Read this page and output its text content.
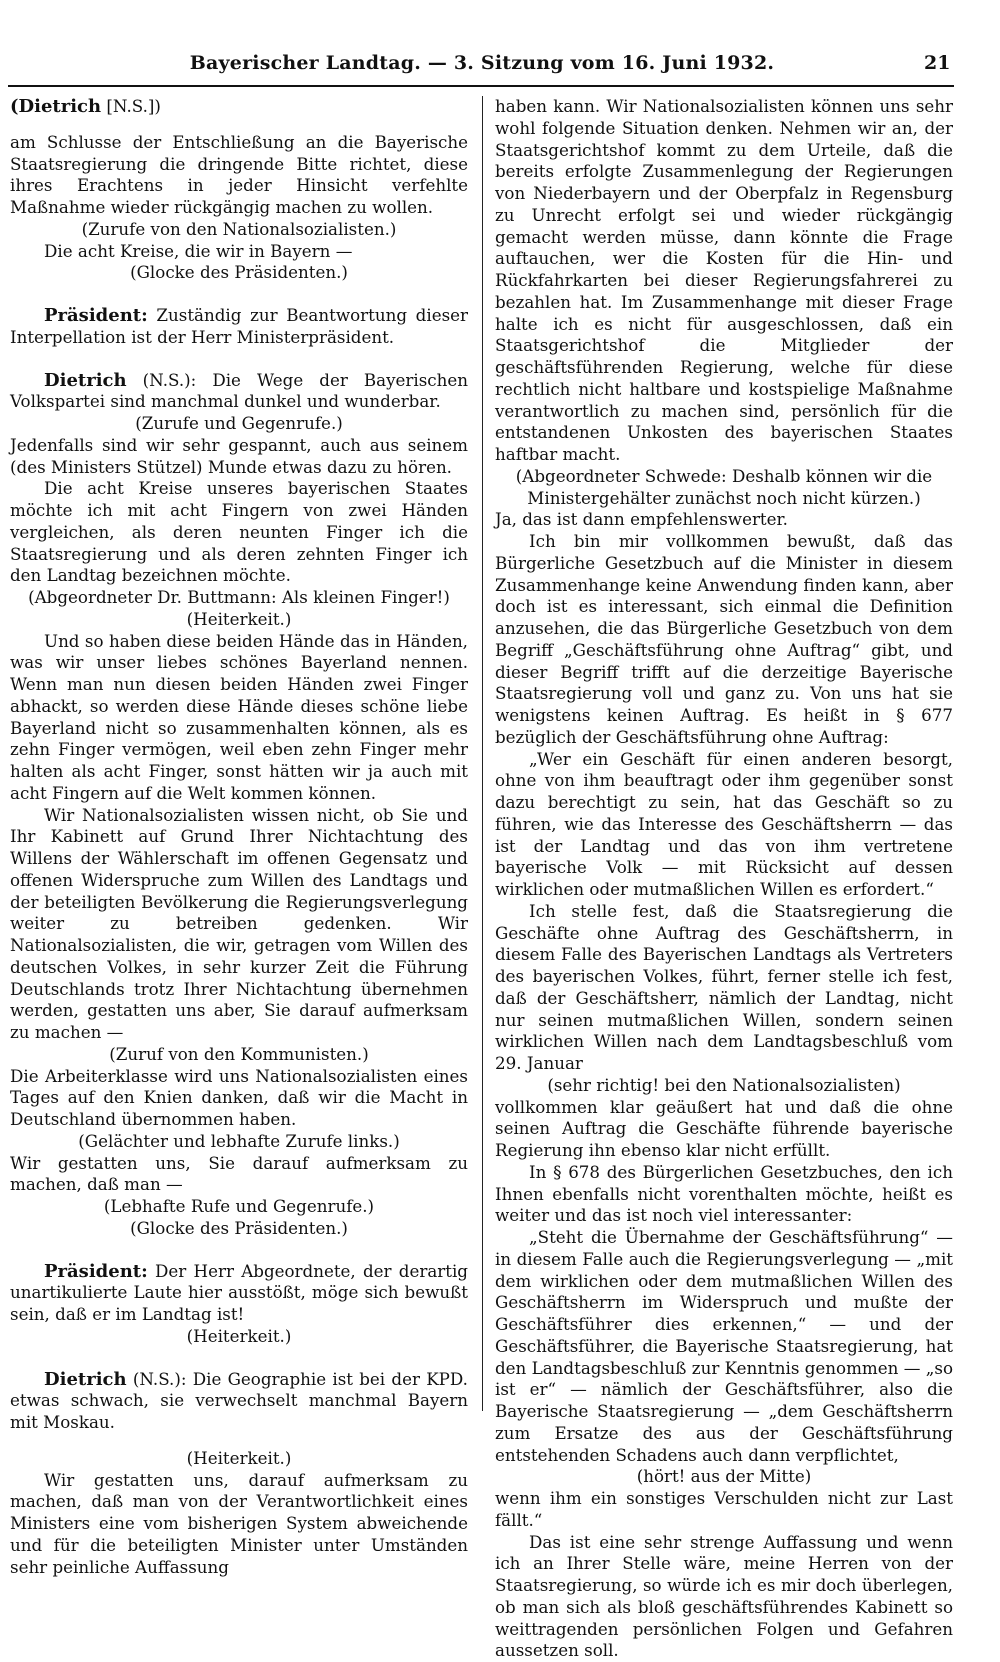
Bayerischer Landtag. — 3. Sitzung vom 16. Juni 1932.	21

(Dietrich [N.S.])

am Schlusse der Entschließung an die Bayerische Staatsregierung die dringende Bitte richtet, diese ihres Erachtens in jeder Hinsicht verfehlte Maßnahme wieder rückgängig machen zu wollen.

(Zurufe von den Nationalsozialisten.)

Die acht Kreise, die wir in Bayern —

(Glocke des Präsidenten.)

Präsident: Zuständig zur Beantwortung dieser Interpellation ist der Herr Ministerpräsident.

Dietrich (N.S.): Die Wege der Bayerischen Volkspartei sind manchmal dunkel und wunderbar.

(Zurufe und Gegenrufe.)

Jedenfalls sind wir sehr gespannt, auch aus seinem (des Ministers Stützel) Munde etwas dazu zu hören.

Die acht Kreise unseres bayerischen Staates möchte ich mit acht Fingern von zwei Händen vergleichen, als deren neunten Finger ich die Staatsregierung und als deren zehnten Finger ich den Landtag bezeichnen möchte.

(Abgeordneter Dr. Buttmann: Als kleinen Finger!)

(Heiterkeit.)

Und so haben diese beiden Hände das in Händen, was wir unser liebes schönes Bayerland nennen. Wenn man nun diesen beiden Händen zwei Finger abhackt, so werden diese Hände dieses schöne liebe Bayerland nicht so zusammenhalten können, als es zehn Finger vermögen, weil eben zehn Finger mehr halten als acht Finger, sonst hätten wir ja auch mit acht Fingern auf die Welt kommen können.

Wir Nationalsozialisten wissen nicht, ob Sie und Ihr Kabinett auf Grund Ihrer Nichtachtung des Willens der Wählerschaft im offenen Gegensatz und offenen Widerspruche zum Willen des Landtags und der beteiligten Bevölkerung die Regierungsverlegung weiter zu betreiben gedenken. Wir Nationalsozialisten, die wir, getragen vom Willen des deutschen Volkes, in sehr kurzer Zeit die Führung Deutschlands trotz Ihrer Nichtachtung übernehmen werden, gestatten uns aber, Sie darauf aufmerksam zu machen —

(Zuruf von den Kommunisten.)

Die Arbeiterklasse wird uns Nationalsozialisten eines Tages auf den Knien danken, daß wir die Macht in Deutschland übernommen haben.

(Gelächter und lebhafte Zurufe links.)

Wir gestatten uns, Sie darauf aufmerksam zu machen, daß man —

(Lebhafte Rufe und Gegenrufe.)

(Glocke des Präsidenten.)

Präsident: Der Herr Abgeordnete, der derartig unartikulierte Laute hier ausstößt, möge sich bewußt sein, daß er im Landtag ist!

(Heiterkeit.)

Dietrich (N.S.): Die Geographie ist bei der KPD. etwas schwach, sie verwechselt manchmal Bayern mit Moskau.

(Heiterkeit.)

Wir gestatten uns, darauf aufmerksam zu machen, daß man von der Verantwortlichkeit eines Ministers eine vom bisherigen System abweichende und für die beteiligten Minister unter Umständen sehr peinliche Auffassung

haben kann. Wir Nationalsozialisten können uns sehr wohl folgende Situation denken. Nehmen wir an, der Staatsgerichtshof kommt zu dem Urteile, daß die bereits erfolgte Zusammenlegung der Regierungen von Niederbayern und der Oberpfalz in Regensburg zu Unrecht erfolgt sei und wieder rückgängig gemacht werden müsse, dann könnte die Frage auftauchen, wer die Kosten für die Hin- und Rückfahrkarten bei dieser Regierungsfahrerei zu bezahlen hat. Im Zusammenhange mit dieser Frage halte ich es nicht für ausgeschlossen, daß ein Staatsgerichtshof die Mitglieder der geschäftsführenden Regierung, welche für diese rechtlich nicht haltbare und kostspielige Maßnahme verantwortlich zu machen sind, persönlich für die entstandenen Unkosten des bayerischen Staates haftbar macht.

(Abgeordneter Schwede: Deshalb können wir die Ministergehälter zunächst noch nicht kürzen.)

Ja, das ist dann empfehlenswerter.

Ich bin mir vollkommen bewußt, daß das Bürgerliche Gesetzbuch auf die Minister in diesem Zusammenhange keine Anwendung finden kann, aber doch ist es interessant, sich einmal die Definition anzusehen, die das Bürgerliche Gesetzbuch von dem Begriff „Geschäftsführung ohne Auftrag“ gibt, und dieser Begriff trifft auf die derzeitige Bayerische Staatsregierung voll und ganz zu. Von uns hat sie wenigstens keinen Auftrag. Es heißt in § 677 bezüglich der Geschäftsführung ohne Auftrag:

„Wer ein Geschäft für einen anderen besorgt, ohne von ihm beauftragt oder ihm gegenüber sonst dazu berechtigt zu sein, hat das Geschäft so zu führen, wie das Interesse des Geschäftsherrn — das ist der Landtag und das von ihm vertretene bayerische Volk — mit Rücksicht auf dessen wirklichen oder mutmaßlichen Willen es erfordert.“

Ich stelle fest, daß die Staatsregierung die Geschäfte ohne Auftrag des Geschäftsherrn, in diesem Falle des Bayerischen Landtags als Vertreters des bayerischen Volkes, führt, ferner stelle ich fest, daß der Geschäftsherr, nämlich der Landtag, nicht nur seinen mutmaßlichen Willen, sondern seinen wirklichen Willen nach dem Landtagsbeschluß vom 29. Januar

(sehr richtig! bei den Nationalsozialisten)

vollkommen klar geäußert hat und daß die ohne seinen Auftrag die Geschäfte führende bayerische Regierung ihn ebenso klar nicht erfüllt.

In § 678 des Bürgerlichen Gesetzbuches, den ich Ihnen ebenfalls nicht vorenthalten möchte, heißt es weiter und das ist noch viel interessanter:

„Steht die Übernahme der Geschäftsführung“ — in diesem Falle auch die Regierungsverlegung — „mit dem wirklichen oder dem mutmaßlichen Willen des Geschäftsherrn im Widerspruch und mußte der Geschäftsführer dies erkennen,“ — und der Geschäftsführer, die Bayerische Staatsregierung, hat den Landtagsbeschluß zur Kenntnis genommen — „so ist er“ — nämlich der Geschäftsführer, also die Bayerische Staatsregierung — „dem Geschäftsherrn zum Ersatze des aus der Geschäftsführung entstehenden Schadens auch dann verpflichtet,

(hört! aus der Mitte)

wenn ihm ein sonstiges Verschulden nicht zur Last fällt.“

Das ist eine sehr strenge Auffassung und wenn ich an Ihrer Stelle wäre, meine Herren von der Staatsregierung, so würde ich es mir doch überlegen, ob man sich als bloß geschäftsführendes Kabinett so weittragenden persönlichen Folgen und Gefahren aussetzen soll.
